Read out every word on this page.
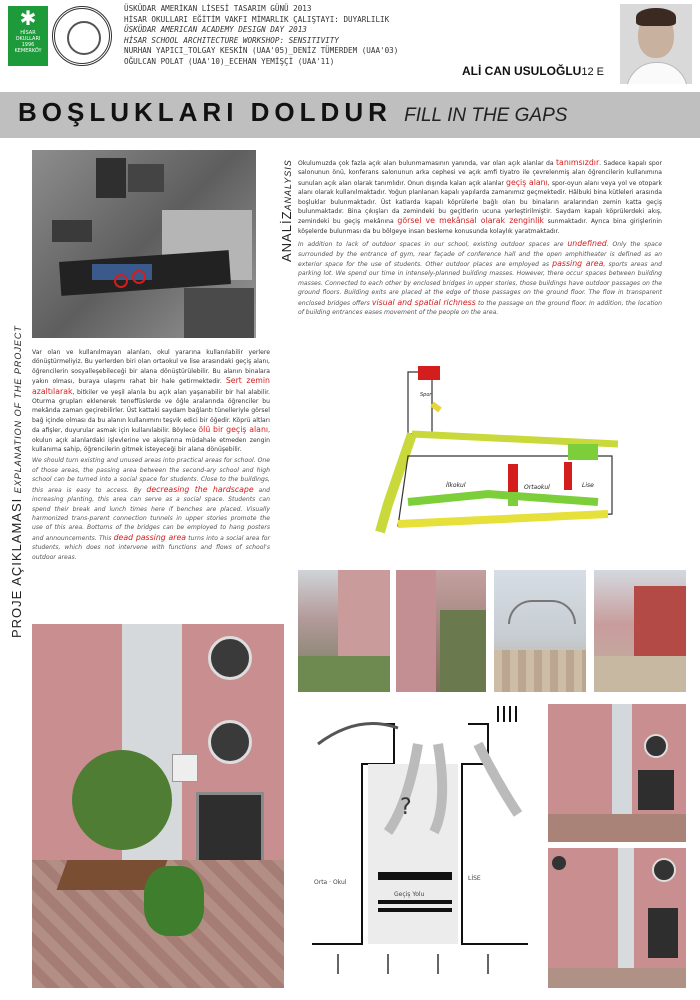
✱
HİSAR
OKULLARI
1996
KEMERKÖY
ÜSKÜDAR AMERİKAN LİSESİ TASARIM GÜNÜ 2013
HİSAR OKULLARI EĞİTİM VAKFI MİMARLIK ÇALIŞTAYI: DUYARLILIK
ÜSKÜDAR AMERICAN ACADEMY DESIGN DAY 2013
HİSAR SCHOOL ARCHITECTURE WORKSHOP: SENSITIVITY
NURHAN YAPICI_TOLGAY KESKİN (UAA'05)_DENİZ TÜMERDEM (UAA'03)
OĞULCAN POLAT (UAA'10)_ECEHAN YEMİŞÇİ (UAA'11)
ALİ CAN USULOĞLU12 E
BOŞLUKLARI DOLDUR FILL IN THE GAPS
ANALİZANALYSIS Okulumuzda çok fazla açık alan bulunmamasının yanında, var olan açık alanlar da tanımsızdır. Sadece kapalı spor salonunun önü, konferans salonunun arka cephesi ve açık amfi tiyatro ile çevrelenmiş alan öğrencilerin kullanımına sunulan açık alan olarak tanımlıdır. Onun dışında kalan açık alanlar geçiş alanı, spor-oyun alanı veya yol ve otopark alanı olarak kullanılmaktadır. Yoğun planlanan kapalı yapılarda zamanımız geçmektedir. Hâlbuki bina kütleleri arasında boşluklar bulunmaktadır. Üst katlarda kapalı köprülerle bağlı olan bu binaların aralarından zemin katta geçiş bulunmaktadır. Bina çıkışları da zemindeki bu geçitlerin ucuna yerleştirilmiştir. Saydam kapalı köprülerdeki akış, zemindeki bu geçiş mekânına görsel ve mekânsal olarak zenginlik sunmaktadır. Ayrıca bina girişlerinin köşelerde bulunması da bu bölgeye insan besleme konusunda kolaylık yaratmaktadır.

In addition to lack of outdoor spaces in our school, existing outdoor spaces are undefined. Only the space surrounded by the entrance of gym, rear façade of conference hall and the open amphitheater is defined as an exterior space for the use of students. Other outdoor places are employed as passing area, sports areas and parking lot. We spend our time in intensely-planned building masses. However, there occur spaces between building masses. Connected to each other by enclosed bridges in upper stories, those buildings have outdoor passages on the ground floors. Building exits are placed at the edge of those passages on the ground floor. The flow in transparent enclosed bridges offers visual and spatial richness to the passage on the ground floor. In addition, the location of building entrances eases movement of the people on the area.

Spor
İlkokul	Ortaokul	Lise
PROJE AÇIKLAMASI EXPLANATION OF THE PROJECT	Var olan ve kullanılmayan alanları, okul yararına kullanılabilir yerlere dönüştürmeliyiz. Bu yerlerden biri olan ortaokul ve lise arasındaki geçiş alanı, öğrencilerin sosyalleşebileceği bir alana dönüştürülebilir. Bu alanın binalara yakın olması, buraya ulaşımı rahat bir hale getirmektedir. Sert zemin azaltılarak, bitkiler ve yeşil alanla bu açık alan yaşanabilir bir hal alabilir. Oturma grupları eklenerek teneffüslerde ve öğle aralarında öğrenciler bu mekânda zaman geçirebilirler. Üst kattaki saydam bağlantı tünelleriyle görsel bağ içinde olması da bu alanın kullanımını teşvik edici bir öğedir. Köprü altları da afişler, duyurular asmak için kullanılabilir. Böylece ölü bir geçiş alanı, okulun açık alanlardaki işlevlerine ve akışlarına müdahale etmeden zengin kullanıma sahip, öğrencilerin gitmek isteyeceği bir alana dönüşebilir.

We should turn existing and unused areas into practical areas for school. One of those areas, the passing area between the second-ary school and high school can be turned into a social space for students. Close to the buildings, this area is easy to access. By decreasing the hardscape and increasing planting, this area can serve as a social space. Students can spend their break and lunch times here if benches are placed. Visually harmonized trans-parent connection tunnels in upper stories promote the use of this area. Bottoms of the bridges can be employed to hang posters and announcements. This dead passing area turns into a social area for students, which does not intervene with functions and flows of school's outdoor areas.

?
Orta · Okul
LİSE
Geçiş Yolu
